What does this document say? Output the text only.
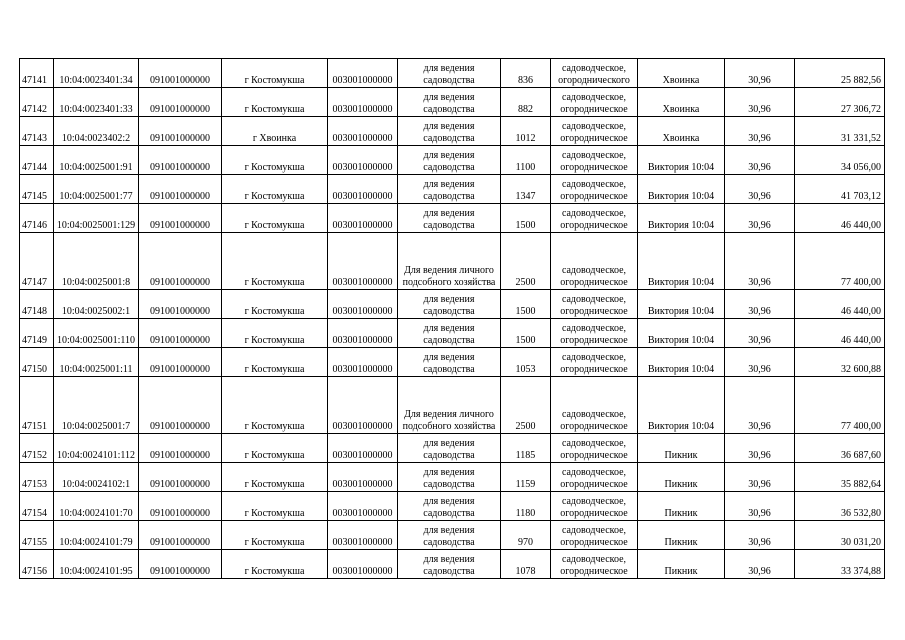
47141	10:04:0023401:34	091001000000	г Костомукша	003001000000	для ведения садоводства	836	садоводческое, огороднического	Хвоинка	30,96	25 882,56
47142	10:04:0023401:33	091001000000	г Костомукша	003001000000	для ведения садоводства	882	садоводческое, огородническое	Хвоинка	30,96	27 306,72
47143	10:04:0023402:2	091001000000	г Хвоинка	003001000000	для ведения садоводства	1012	садоводческое, огородническое	Хвоинка	30,96	31 331,52
47144	10:04:0025001:91	091001000000	г Костомукша	003001000000	для ведения садоводства	1100	садоводческое, огородническое	Виктория 10:04	30,96	34 056,00
47145	10:04:0025001:77	091001000000	г Костомукша	003001000000	для ведения садоводства	1347	садоводческое, огородническое	Виктория 10:04	30,96	41 703,12
47146	10:04:0025001:129	091001000000	г Костомукша	003001000000	для ведения садоводства	1500	садоводческое, огородническое	Виктория 10:04	30,96	46 440,00
47147	10:04:0025001:8	091001000000	г Костомукша	003001000000	Для ведения личного подсобного хозяйства	2500	садоводческое, огородническое	Виктория 10:04	30,96	77 400,00
47148	10:04:0025002:1	091001000000	г Костомукша	003001000000	для ведения садоводства	1500	садоводческое, огородническое	Виктория 10:04	30,96	46 440,00
47149	10:04:0025001:110	091001000000	г Костомукша	003001000000	для ведения садоводства	1500	садоводческое, огородническое	Виктория 10:04	30,96	46 440,00
47150	10:04:0025001:11	091001000000	г Костомукша	003001000000	для ведения садоводства	1053	садоводческое, огородническое	Виктория 10:04	30,96	32 600,88
47151	10:04:0025001:7	091001000000	г Костомукша	003001000000	Для ведения личного подсобного хозяйства	2500	садоводческое, огородническое	Виктория 10:04	30,96	77 400,00
47152	10:04:0024101:112	091001000000	г Костомукша	003001000000	для ведения садоводства	1185	садоводческое, огородническое	Пикник	30,96	36 687,60
47153	10:04:0024102:1	091001000000	г Костомукша	003001000000	для ведения садоводства	1159	садоводческое, огородническое	Пикник	30,96	35 882,64
47154	10:04:0024101:70	091001000000	г Костомукша	003001000000	для ведения садоводства	1180	садоводческое, огородническое	Пикник	30,96	36 532,80
47155	10:04:0024101:79	091001000000	г Костомукша	003001000000	для ведения садоводства	970	садоводческое, огородническое	Пикник	30,96	30 031,20
47156	10:04:0024101:95	091001000000	г Костомукша	003001000000	для ведения садоводства	1078	садоводческое, огородническое	Пикник	30,96	33 374,88
